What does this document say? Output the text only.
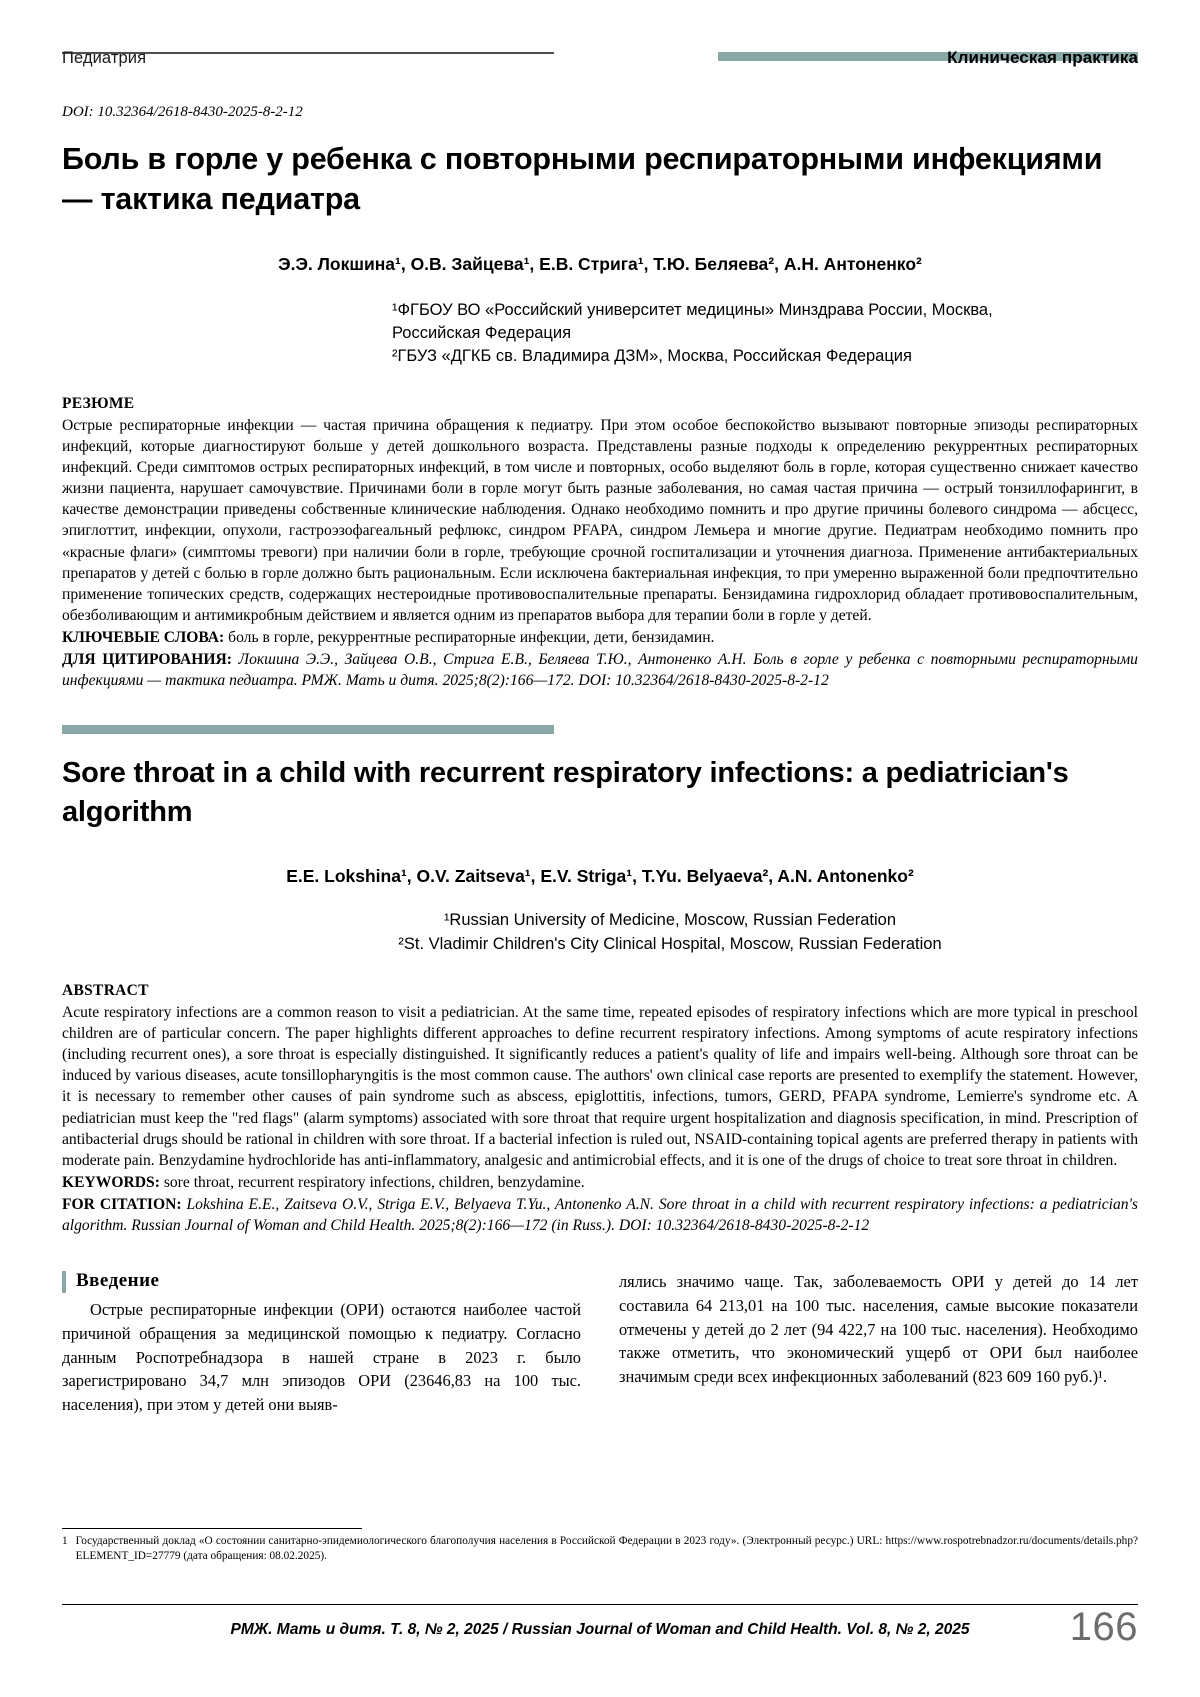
Педиатрия	Клиническая практика
DOI: 10.32364/2618-8430-2025-8-2-12
Боль в горле у ребенка с повторными респираторными инфекциями — тактика педиатра
Э.Э. Локшина¹, О.В. Зайцева¹, Е.В. Стрига¹, Т.Ю. Беляева², А.Н. Антоненко²
¹ФГБОУ ВО «Российский университет медицины» Минздрава России, Москва,
Российская Федерация
²ГБУЗ «ДГКБ св. Владимира ДЗМ», Москва, Российская Федерация
РЕЗЮМЕ
Острые респираторные инфекции — частая причина обращения к педиатру. При этом особое беспокойство вызывают повторные эпизоды респираторных инфекций, которые диагностируют больше у детей дошкольного возраста. Представлены разные подходы к определению рекуррентных респираторных инфекций. Среди симптомов острых респираторных инфекций, в том числе и повторных, особо выделяют боль в горле, которая существенно снижает качество жизни пациента, нарушает самочувствие. Причинами боли в горле могут быть разные заболевания, но самая частая причина — острый тонзиллофарингит, в качестве демонстрации приведены собственные клинические наблюдения. Однако необходимо помнить и про другие причины болевого синдрома — абсцесс, эпиглоттит, инфекции, опухоли, гастроэзофагеальный рефлюкс, синдром PFAPA, синдром Лемьера и многие другие. Педиатрам необходимо помнить про «красные флаги» (симптомы тревоги) при наличии боли в горле, требующие срочной госпитализации и уточнения диагноза. Применение антибактериальных препаратов у детей с болью в горле должно быть рациональным. Если исключена бактериальная инфекция, то при умеренно выраженной боли предпочтительно применение топических средств, содержащих нестероидные противовоспалительные препараты. Бензидамина гидрохлорид обладает противовоспалительным, обезболивающим и антимикробным действием и является одним из препаратов выбора для терапии боли в горле у детей.
КЛЮЧЕВЫЕ СЛОВА: боль в горле, рекуррентные респираторные инфекции, дети, бензидамин.
ДЛЯ ЦИТИРОВАНИЯ: Локшина Э.Э., Зайцева О.В., Стрига Е.В., Беляева Т.Ю., Антоненко А.Н. Боль в горле у ребенка с повторными респираторными инфекциями — тактика педиатра. РМЖ. Мать и дитя. 2025;8(2):166—172. DOI: 10.32364/2618-8430-2025-8-2-12
Sore throat in a child with recurrent respiratory infections: a pediatrician's algorithm
E.E. Lokshina¹, O.V. Zaitseva¹, E.V. Striga¹, T.Yu. Belyaeva², A.N. Antonenko²
¹Russian University of Medicine, Moscow, Russian Federation
²St. Vladimir Children's City Clinical Hospital, Moscow, Russian Federation
ABSTRACT
Acute respiratory infections are a common reason to visit a pediatrician. At the same time, repeated episodes of respiratory infections which are more typical in preschool children are of particular concern. The paper highlights different approaches to define recurrent respiratory infections. Among symptoms of acute respiratory infections (including recurrent ones), a sore throat is especially distinguished. It significantly reduces a patient's quality of life and impairs well-being. Although sore throat can be induced by various diseases, acute tonsillopharyngitis is the most common cause. The authors' own clinical case reports are presented to exemplify the statement. However, it is necessary to remember other causes of pain syndrome such as abscess, epiglottitis, infections, tumors, GERD, PFAPA syndrome, Lemierre's syndrome etc. A pediatrician must keep the "red flags" (alarm symptoms) associated with sore throat that require urgent hospitalization and diagnosis specification, in mind. Prescription of antibacterial drugs should be rational in children with sore throat. If a bacterial infection is ruled out, NSAID-containing topical agents are preferred therapy in patients with moderate pain. Benzydamine hydrochloride has anti-inflammatory, analgesic and antimicrobial effects, and it is one of the drugs of choice to treat sore throat in children.
KEYWORDS: sore throat, recurrent respiratory infections, children, benzydamine.
FOR CITATION: Lokshina E.E., Zaitseva O.V., Striga E.V., Belyaeva T.Yu., Antonenko A.N. Sore throat in a child with recurrent respiratory infections: a pediatrician's algorithm. Russian Journal of Woman and Child Health. 2025;8(2):166—172 (in Russ.). DOI: 10.32364/2618-8430-2025-8-2-12
Введение
Острые респираторные инфекции (ОРИ) остаются наиболее частой причиной обращения за медицинской помощью к педиатру. Согласно данным Роспотребнадзора в нашей стране в 2023 г. было зарегистрировано 34,7 млн эпизодов ОРИ (23646,83 на 100 тыс. населения), при этом у детей они выяв-
лялись значимо чаще. Так, заболеваемость ОРИ у детей до 14 лет составила 64 213,01 на 100 тыс. населения, самые высокие показатели отмечены у детей до 2 лет (94 422,7 на 100 тыс. населения). Необходимо также отметить, что экономический ущерб от ОРИ был наиболее значимым среди всех инфекционных заболеваний (823 609 160 руб.)¹.
1 Государственный доклад «О состоянии санитарно-эпидемиологического благополучия населения в Российской Федерации в 2023 году». (Электронный ресурс.) URL: https://www.rospotrebnadzor.ru/documents/details.php?ELEMENT_ID=27779 (дата обращения: 08.02.2025).
РМЖ. Мать и дитя. Т. 8, № 2, 2025 / Russian Journal of Woman and Child Health. Vol. 8, № 2, 2025	166
